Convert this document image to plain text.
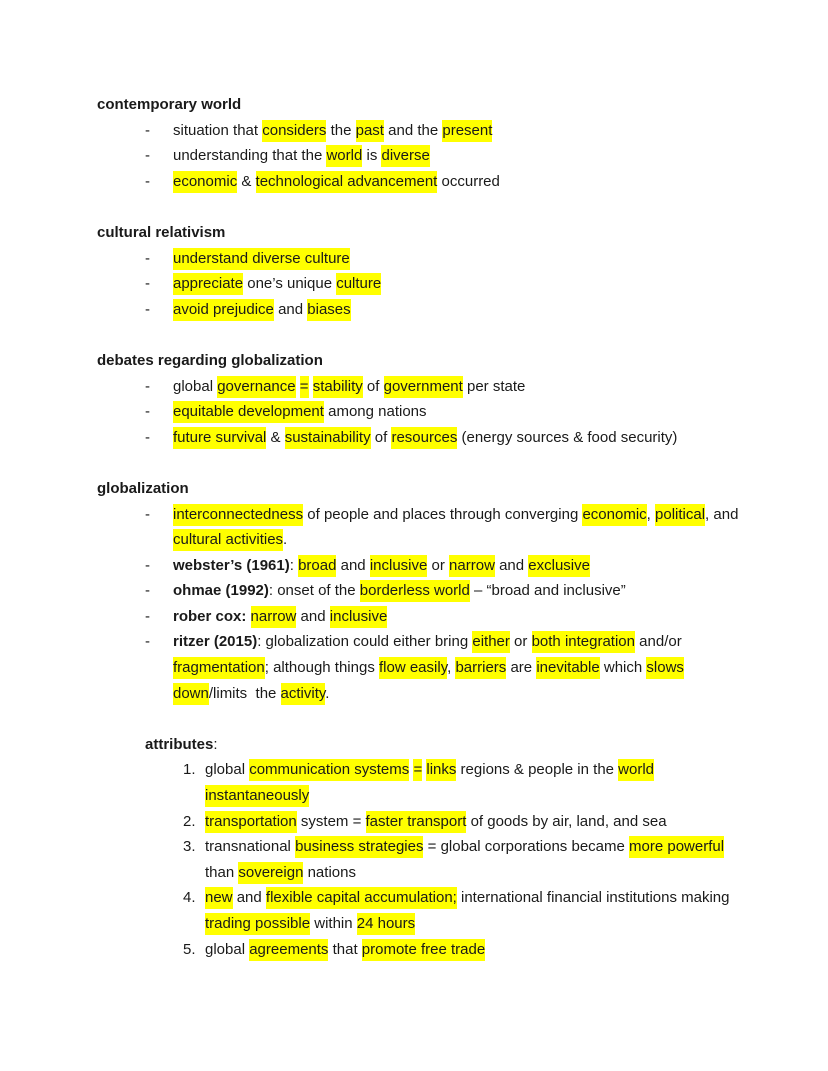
contemporary world
- situation that considers the past and the present
- understanding that the world is diverse
- economic & technological advancement occurred
cultural relativism
- understand diverse culture
- appreciate one’s unique culture
- avoid prejudice and biases
debates regarding globalization
- global governance = stability of government per state
- equitable development among nations
- future survival & sustainability of resources (energy sources & food security)
globalization
- interconnectedness of people and places through converging economic, political, and
cultural activities.
- webster’s (1961): broad and inclusive or narrow and exclusive
- ohmae (1992): onset of the borderless world – “broad and inclusive”
- rober cox: narrow and inclusive
- ritzer (2015): globalization could either bring either or both integration and/or
fragmentation; although things flow easily, barriers are inevitable which slows
down/limits  the activity.
attributes:
1. global communication systems = links regions & people in the world
instantaneously
2. transportation system = faster transport of goods by air, land, and sea
3. transnational business strategies = global corporations became more powerful
than sovereign nations
4. new and flexible capital accumulation; international financial institutions making
trading possible within 24 hours
5. global agreements that promote free trade
